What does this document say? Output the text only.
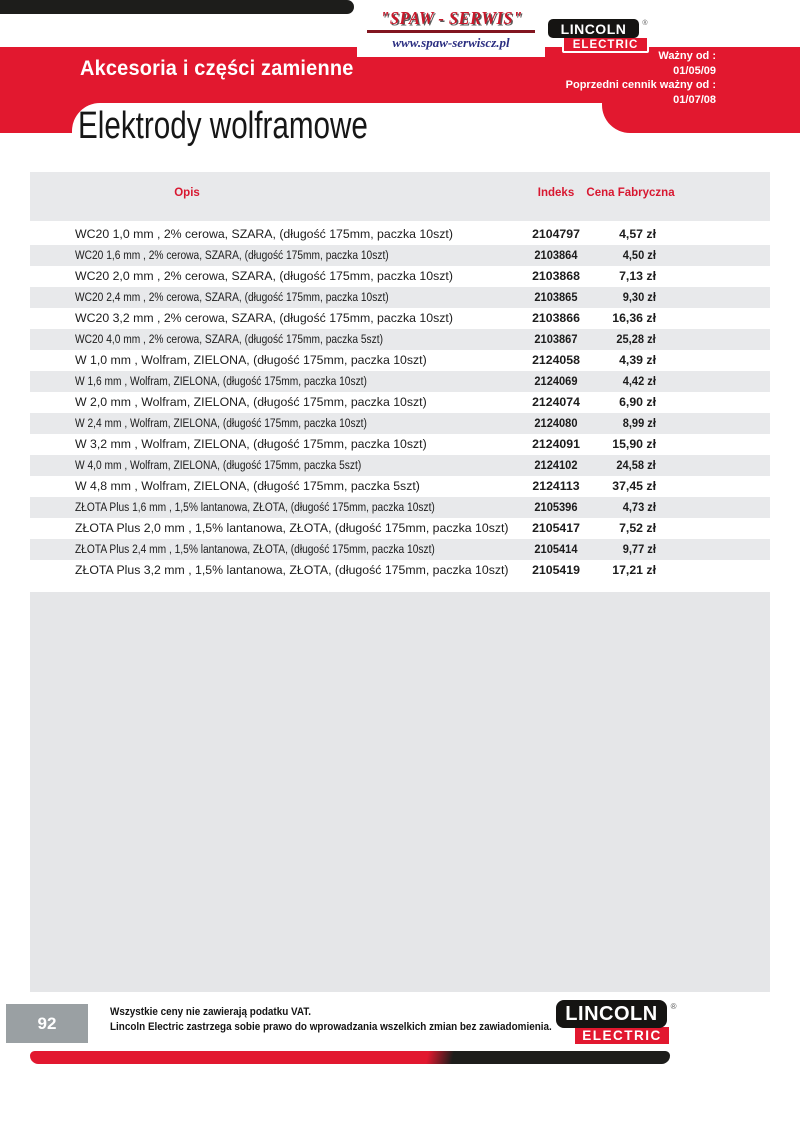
Akcesoria i części zamienne
Ważny od :
01/05/09
Poprzedni cennik ważny od :
01/07/08
Elektrody wolframowe
"SPAW - SERWIS"
www.spaw-serwiscz.pl
LINCOLN ®
ELECTRIC
Opis	Indeks	Cena Fabryczna
WC20 1,0 mm , 2% cerowa, SZARA, (długość 175mm, paczka 10szt)	2104797	4,57 zł
WC20 1,6 mm , 2% cerowa, SZARA, (długość 175mm, paczka 10szt)	2103864	4,50 zł
WC20 2,0 mm , 2% cerowa, SZARA, (długość 175mm, paczka 10szt)	2103868	7,13 zł
WC20 2,4 mm , 2% cerowa, SZARA, (długość 175mm, paczka 10szt)	2103865	9,30 zł
WC20 3,2 mm , 2% cerowa, SZARA, (długość 175mm, paczka 10szt)	2103866	16,36 zł
WC20 4,0 mm , 2% cerowa, SZARA, (długość 175mm, paczka 5szt)	2103867	25,28 zł
W 1,0 mm , Wolfram, ZIELONA, (długość 175mm, paczka 10szt)	2124058	4,39 zł
W 1,6 mm , Wolfram, ZIELONA, (długość 175mm, paczka 10szt)	2124069	4,42 zł
W 2,0 mm , Wolfram, ZIELONA, (długość 175mm, paczka 10szt)	2124074	6,90 zł
W 2,4 mm , Wolfram, ZIELONA, (długość 175mm, paczka 10szt)	2124080	8,99 zł
W 3,2 mm , Wolfram, ZIELONA, (długość 175mm, paczka 10szt)	2124091	15,90 zł
W 4,0 mm , Wolfram, ZIELONA, (długość 175mm, paczka 5szt)	2124102	24,58 zł
W 4,8 mm , Wolfram, ZIELONA, (długość 175mm, paczka 5szt)	2124113	37,45 zł
ZŁOTA Plus 1,6 mm , 1,5% lantanowa, ZŁOTA, (długość 175mm, paczka 10szt)	2105396	4,73 zł
ZŁOTA Plus 2,0 mm , 1,5% lantanowa, ZŁOTA, (długość 175mm, paczka 10szt)	2105417	7,52 zł
ZŁOTA Plus 2,4 mm , 1,5% lantanowa, ZŁOTA, (długość 175mm, paczka 10szt)	2105414	9,77 zł
ZŁOTA Plus 3,2 mm , 1,5% lantanowa, ZŁOTA, (długość 175mm, paczka 10szt)	2105419	17,21 zł
92
Wszystkie ceny nie zawierają podatku VAT.
Lincoln Electric zastrzega sobie prawo do wprowadzania wszelkich zmian bez zawiadomienia.
LINCOLN ®
ELECTRIC
